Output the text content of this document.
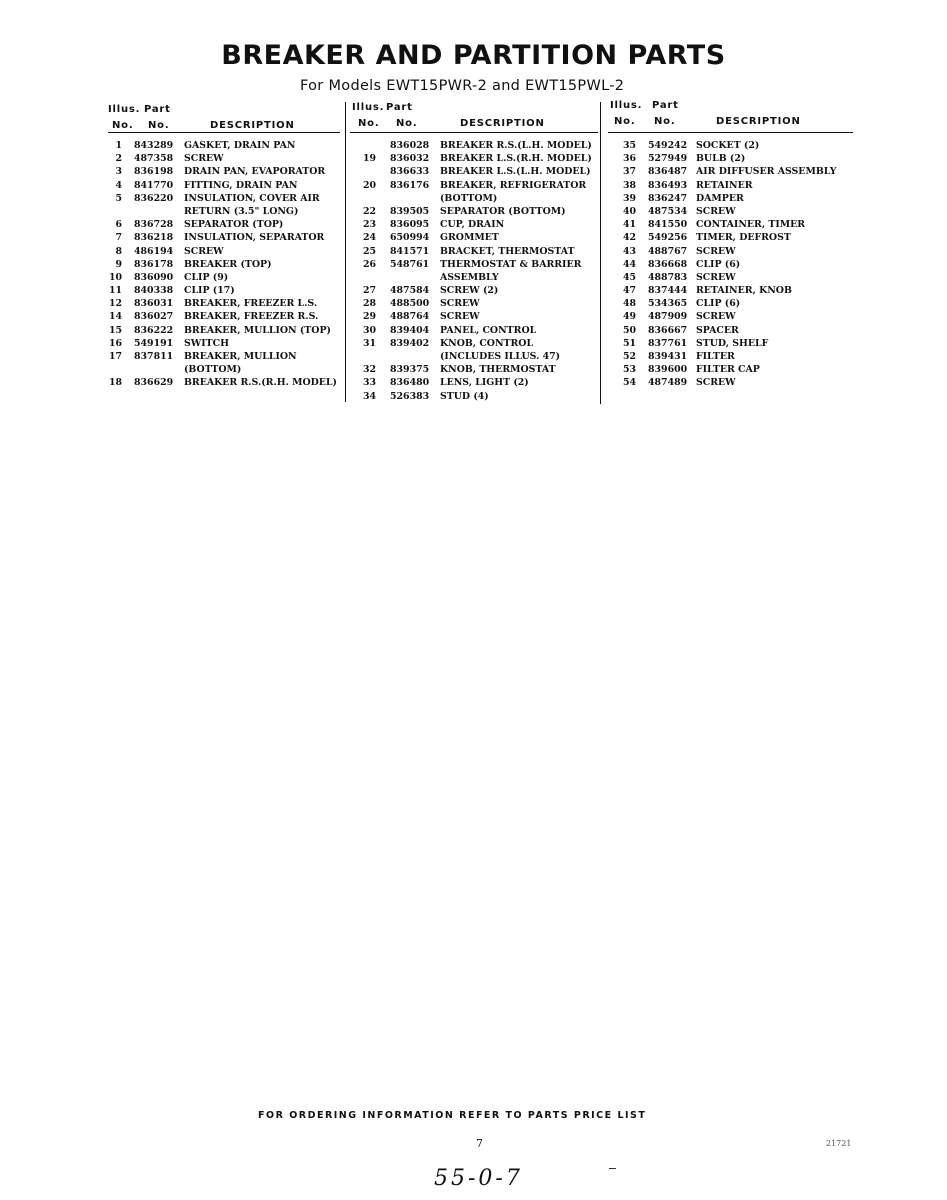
BREAKER AND PARTITION PARTS
For Models EWT15PWR-2 and EWT15PWL-2
Illus. Part
No. No.	DESCRIPTION
1 843289 GASKET, DRAIN PAN
2 487358 SCREW
3 836198 DRAIN PAN, EVAPORATOR
4 841770 FITTING, DRAIN PAN
5 836220 INSULATION, COVER AIR
RETURN (3.5" LONG)
6 836728 SEPARATOR (TOP)
7 836218 INSULATION, SEPARATOR
8 486194 SCREW
9 836178 BREAKER (TOP)
10 836090 CLIP (9)
11 840338 CLIP (17)
12 836031 BREAKER, FREEZER L.S.
14 836027 BREAKER, FREEZER R.S.
15 836222 BREAKER, MULLION (TOP)
16 549191 SWITCH
17 837811 BREAKER, MULLION
(BOTTOM)
18 836629 BREAKER R.S.(R.H. MODEL)
Illus. Part
No. No.	DESCRIPTION
836028 BREAKER R.S.(L.H. MODEL)
19 836032 BREAKER L.S.(R.H. MODEL)
836633 BREAKER L.S.(L.H. MODEL)
20 836176 BREAKER, REFRIGERATOR
(BOTTOM)
22 839505 SEPARATOR (BOTTOM)
23 836095 CUP, DRAIN
24 650994 GROMMET
25 841571 BRACKET, THERMOSTAT
26 548761 THERMOSTAT & BARRIER
ASSEMBLY
27 487584 SCREW (2)
28 488500 SCREW
29 488764 SCREW
30 839404 PANEL, CONTROL
31 839402 KNOB, CONTROL
(INCLUDES ILLUS. 47)
32 839375 KNOB, THERMOSTAT
33 836480 LENS, LIGHT (2)
34 526383 STUD (4)
Illus. Part
No. No.	DESCRIPTION
35 549242 SOCKET (2)
36 527949 BULB (2)
37 836487 AIR DIFFUSER ASSEMBLY
38 836493 RETAINER
39 836247 DAMPER
40 487534 SCREW
41 841550 CONTAINER, TIMER
42 549256 TIMER, DEFROST
43 488767 SCREW
44 836668 CLIP (6)
45 488783 SCREW
47 837444 RETAINER, KNOB
48 534365 CLIP (6)
49 487909 SCREW
50 836667 SPACER
51 837761 STUD, SHELF
52 839431 FILTER
53 839600 FILTER CAP
54 487489 SCREW
FOR ORDERING INFORMATION REFER TO PARTS PRICE LIST
7	21721
55-0-7
